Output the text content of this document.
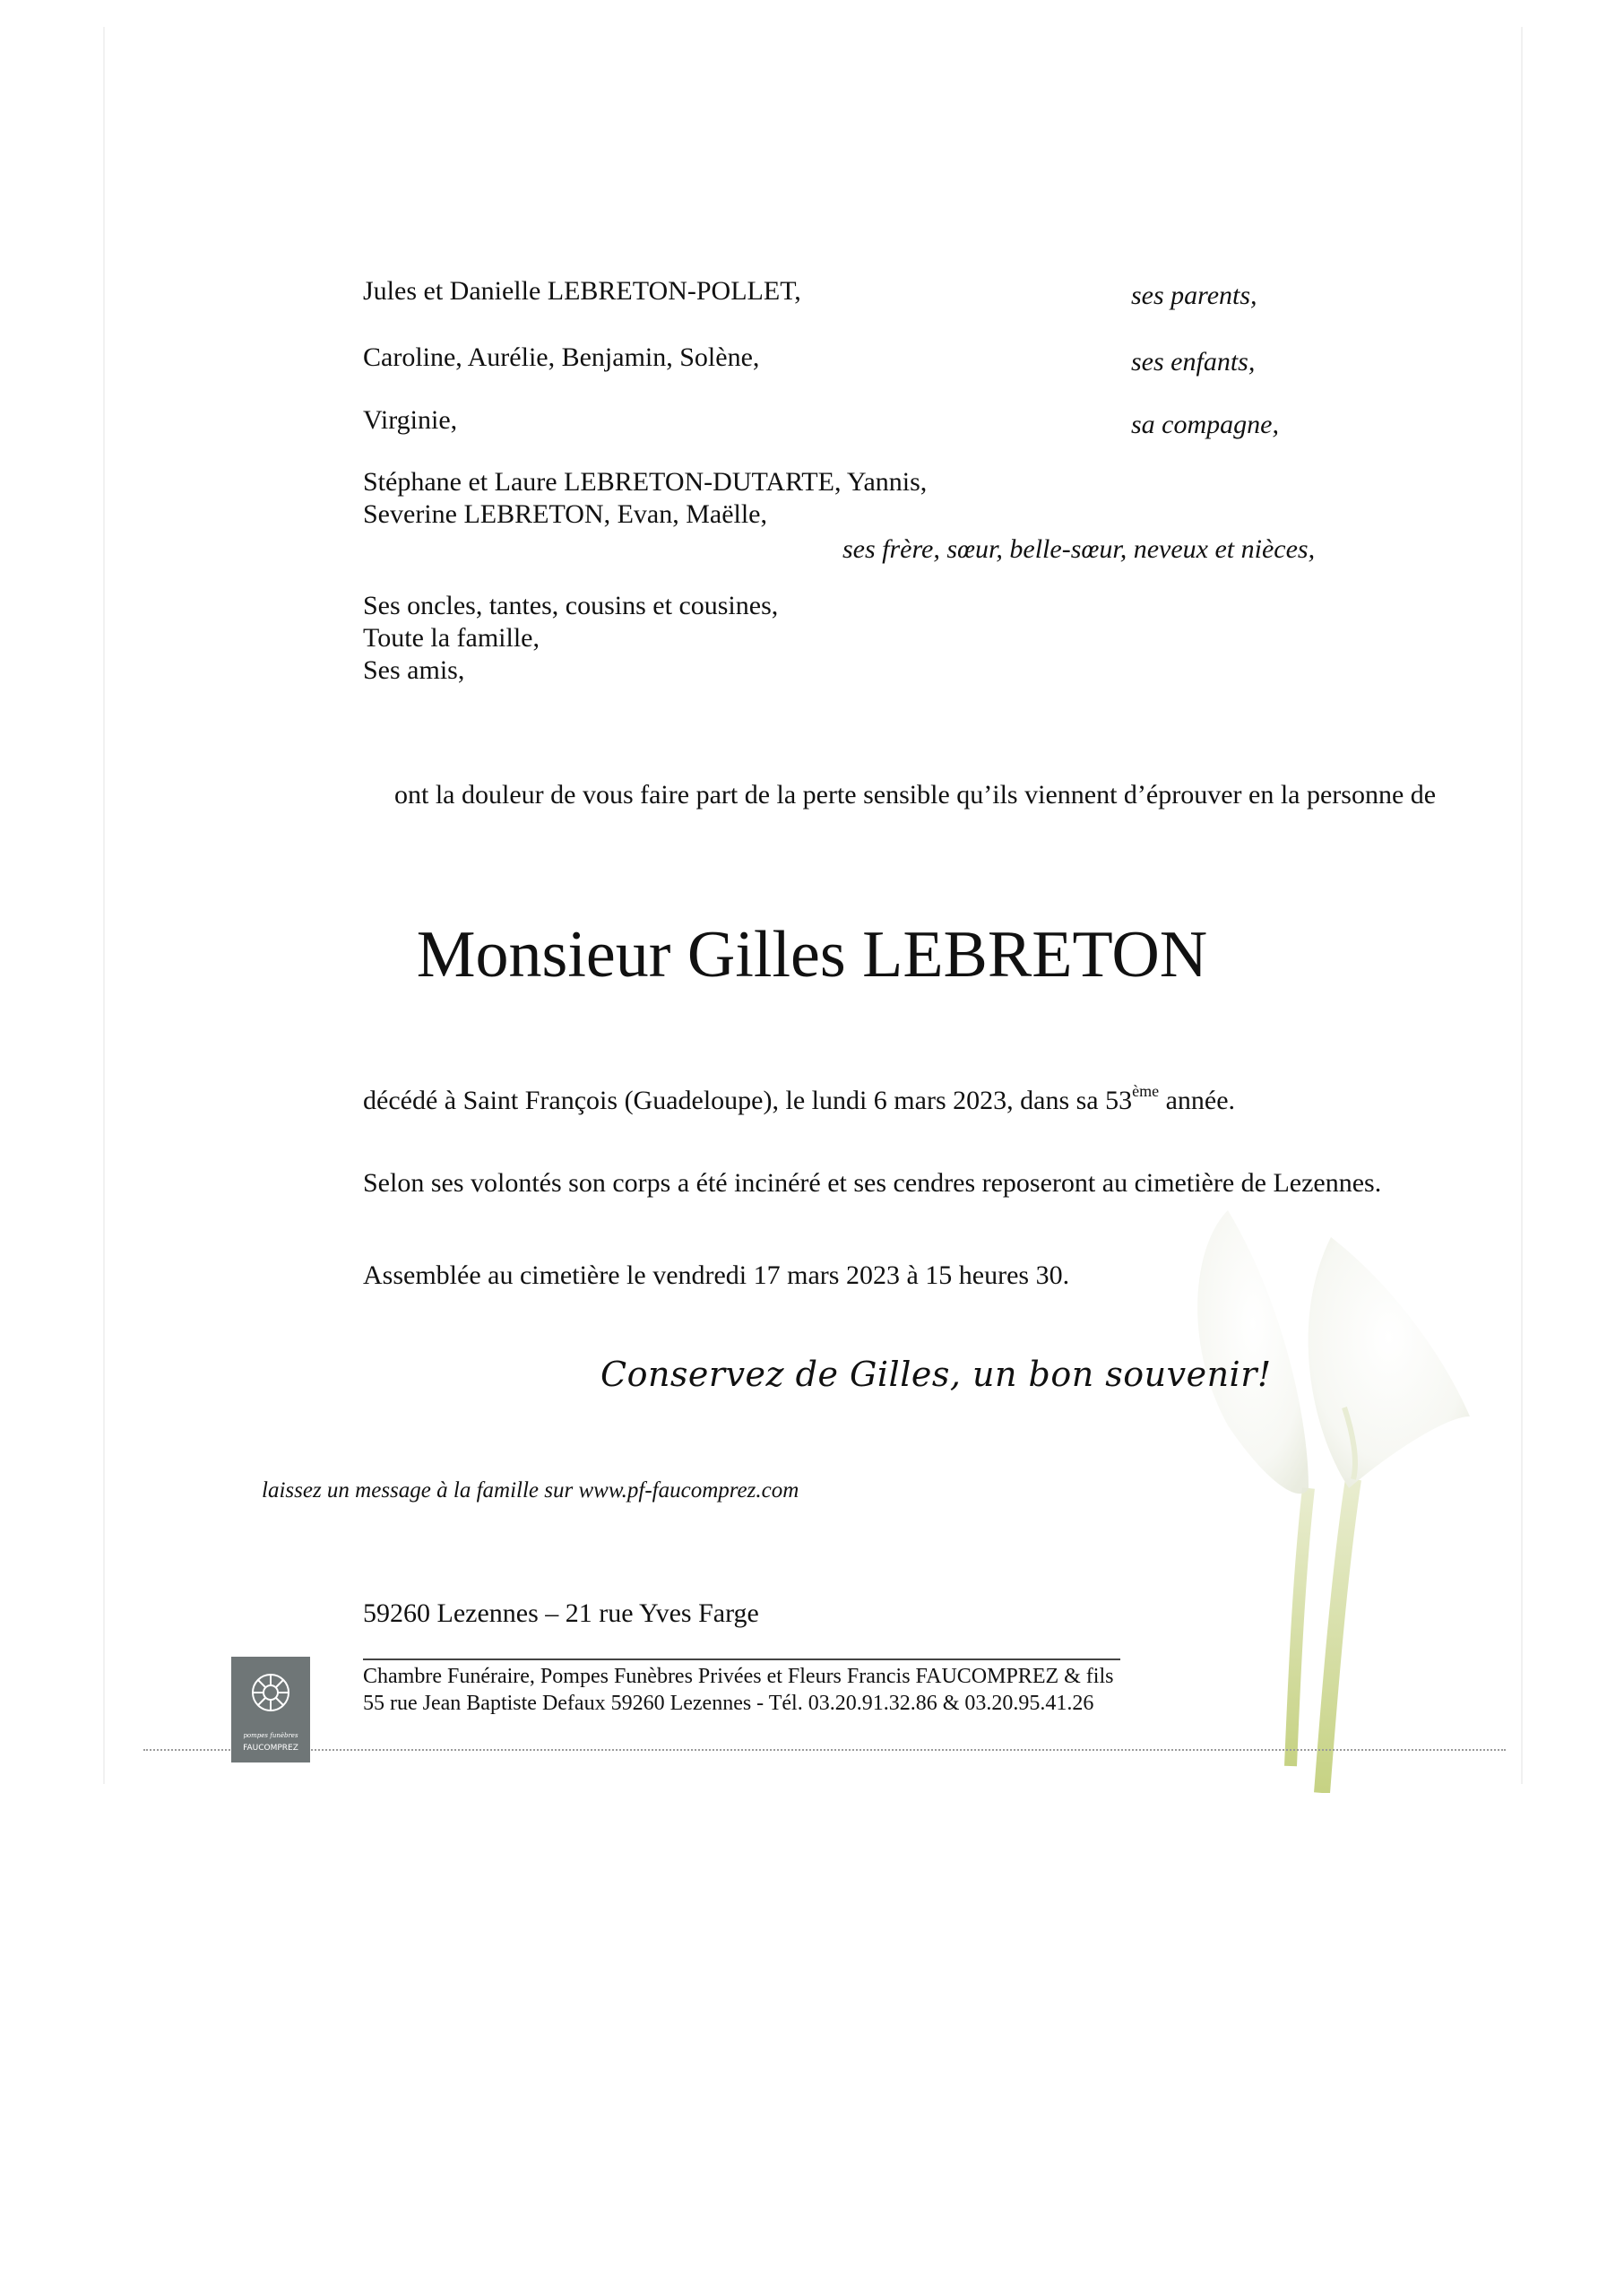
Jules et Danielle LEBRETON-POLLET,	ses parents,
Caroline, Aurélie, Benjamin, Solène,	ses enfants,
Virginie,	sa compagne,
Stéphane et Laure LEBRETON-DUTARTE, Yannis,
Severine LEBRETON, Evan, Maëlle,
ses frère, sœur, belle-sœur, neveux et nièces,
Ses oncles, tantes, cousins et cousines,
Toute la famille,
Ses amis,
ont la douleur de vous faire part de la perte sensible qu’ils viennent d’éprouver en la personne de
Monsieur Gilles LEBRETON
décédé à Saint François (Guadeloupe), le lundi 6 mars 2023, dans sa 53ème année.
Selon ses volontés son corps a été incinéré et ses cendres reposeront au cimetière de Lezennes.
Assemblée au cimetière le vendredi 17 mars 2023 à 15 heures 30.
Conservez de Gilles, un bon souvenir!
laissez un message à la famille sur www.pf-faucomprez.com
59260 Lezennes – 21 rue Yves Farge
Chambre Funéraire, Pompes Funèbres Privées et Fleurs Francis FAUCOMPREZ & fils
55 rue Jean Baptiste Defaux 59260 Lezennes - Tél. 03.20.91.32.86 & 03.20.95.41.26
pompes funèbres
FAUCOMPREZ
